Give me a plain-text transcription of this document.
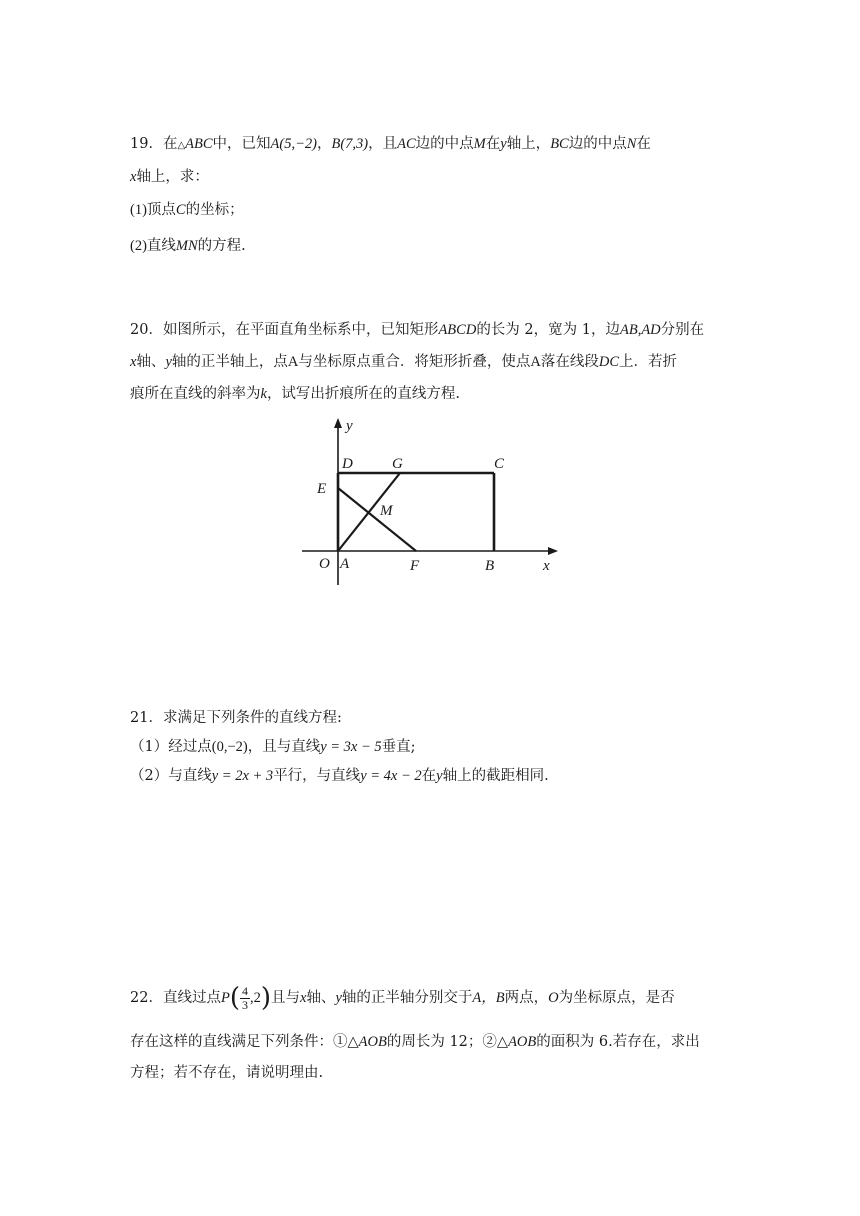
19．在△ABC中，已知A(5,−2)，B(7,3)，且AC边的中点M在y轴上，BC边的中点N在
x轴上，求：
(1)顶点C的坐标；
(2)直线MN的方程.
20．如图所示，在平面直角坐标系中，已知矩形ABCD的长为 2，宽为 1，边AB,AD分别在
x轴、y轴的正半轴上，点A与坐标原点重合．将矩形折叠，使点A落在线段DC上．若折
痕所在直线的斜率为k，试写出折痕所在的直线方程.
y
x
D	G	C
E
M
O A	F	B
21．求满足下列条件的直线方程:
（1）经过点(0,−2)，且与直线y = 3x − 5垂直;
（2）与直线y = 2x + 3平行，与直线y = 4x − 2在y轴上的截距相同.
22．直线过点$P( \frac{4}{3} ,2)$且与x轴、y轴的正半轴分别交于A，B两点，O为坐标原点，是否
存在这样的直线满足下列条件：①△AOB的周长为 12；②△AOB的面积为 6.若存在，求出
方程；若不存在，请说明理由.
